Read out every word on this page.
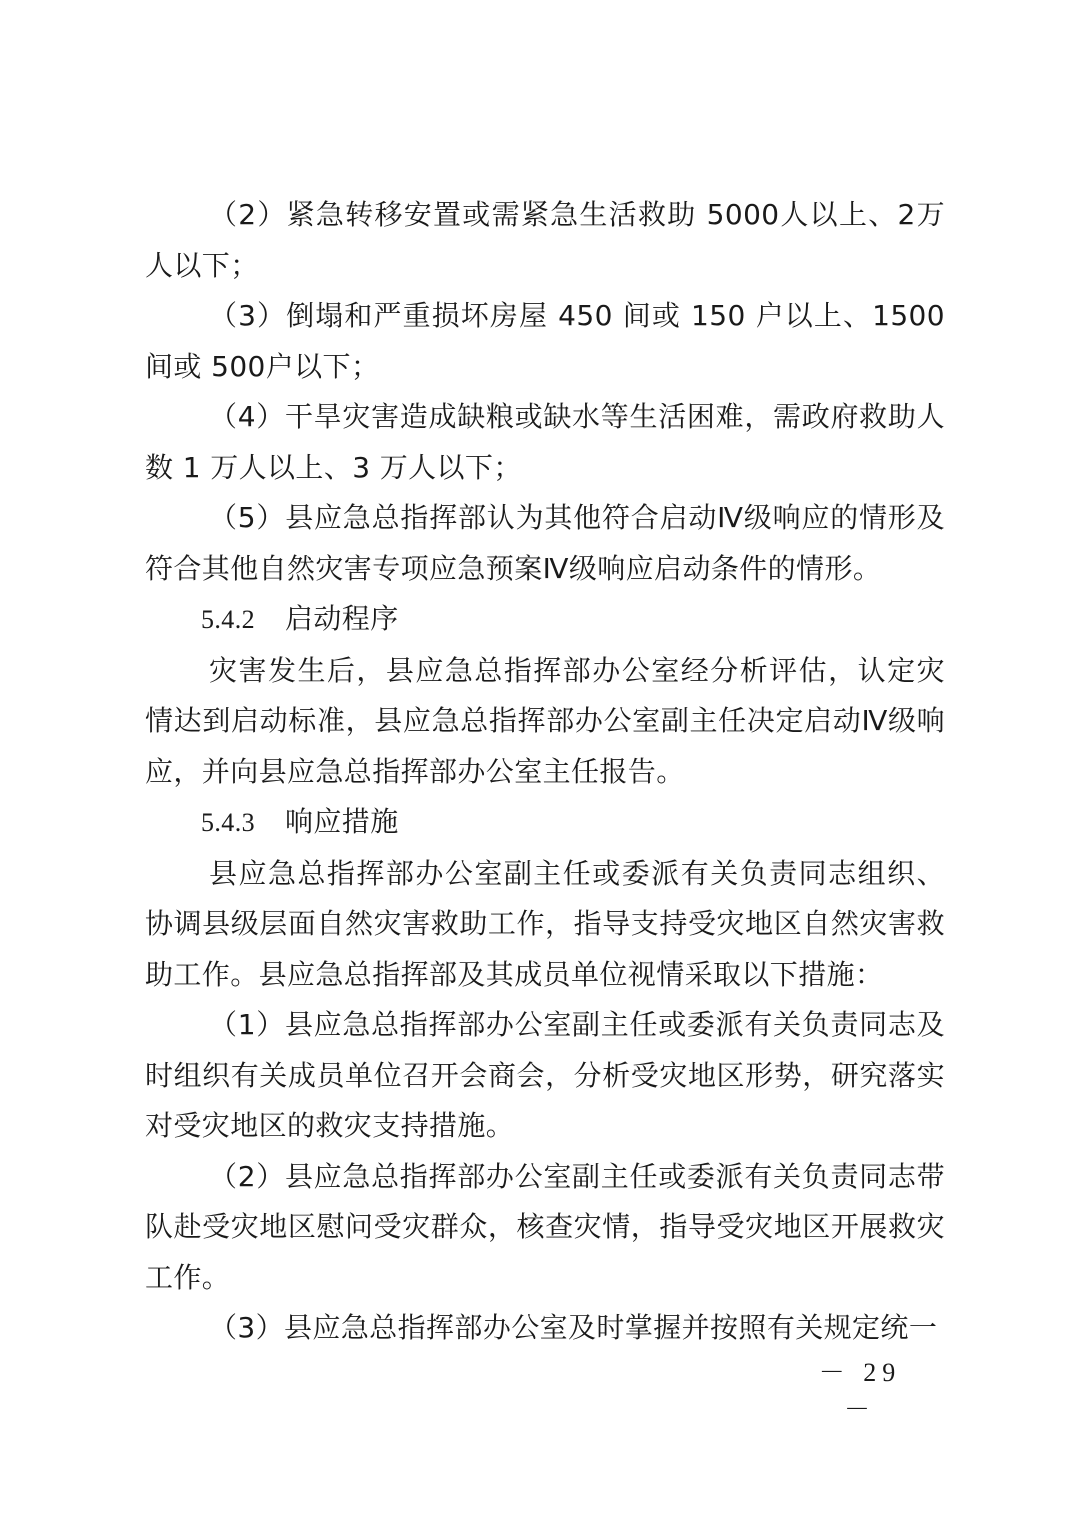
（2）紧急转移安置或需紧急生活救助 5000人以上、2万人以下；

（3）倒塌和严重损坏房屋 450 间或 150 户以上、1500 间或 500户以下；

（4）干旱灾害造成缺粮或缺水等生活困难，需政府救助人数 1 万人以上、3 万人以下；

（5）县应急总指挥部认为其他符合启动Ⅳ级响应的情形及符合其他自然灾害专项应急预案Ⅳ级响应启动条件的情形。

5.4.2 启动程序

灾害发生后，县应急总指挥部办公室经分析评估，认定灾情达到启动标准，县应急总指挥部办公室副主任决定启动Ⅳ级响应，并向县应急总指挥部办公室主任报告。

5.4.3 响应措施

县应急总指挥部办公室副主任或委派有关负责同志组织、协调县级层面自然灾害救助工作，指导支持受灾地区自然灾害救助工作。县应急总指挥部及其成员单位视情采取以下措施：

（1）县应急总指挥部办公室副主任或委派有关负责同志及时组织有关成员单位召开会商会，分析受灾地区形势，研究落实对受灾地区的救灾支持措施。

（2）县应急总指挥部办公室副主任或委派有关负责同志带队赴受灾地区慰问受灾群众，核查灾情，指导受灾地区开展救灾工作。

（3）县应急总指挥部办公室及时掌握并按照有关规定统一

－ 29 －
